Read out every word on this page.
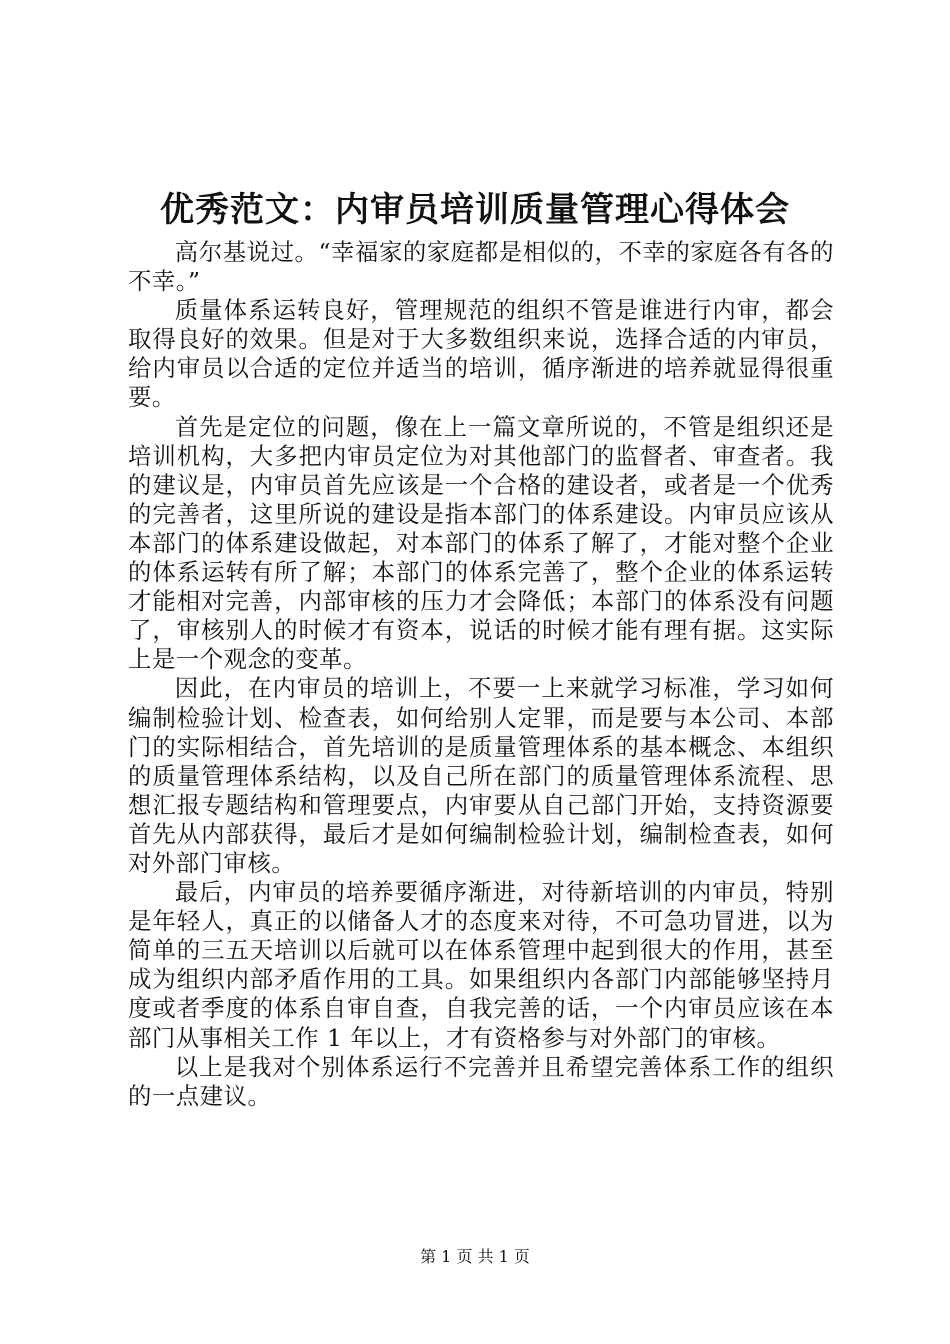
优秀范文：内审员培训质量管理心得体会

高尔基说过。“幸福家的家庭都是相似的，不幸的家庭各有各的不幸。”

质量体系运转良好，管理规范的组织不管是谁进行内审，都会取得良好的效果。但是对于大多数组织来说，选择合适的内审员，给内审员以合适的定位并适当的培训，循序渐进的培养就显得很重要。

首先是定位的问题，像在上一篇文章所说的，不管是组织还是培训机构，大多把内审员定位为对其他部门的监督者、审查者。我的建议是，内审员首先应该是一个合格的建设者，或者是一个优秀的完善者，这里所说的建设是指本部门的体系建设。内审员应该从本部门的体系建设做起，对本部门的体系了解了，才能对整个企业的体系运转有所了解；本部门的体系完善了，整个企业的体系运转才能相对完善，内部审核的压力才会降低；本部门的体系没有问题了，审核别人的时候才有资本，说话的时候才能有理有据。这实际上是一个观念的变革。

因此，在内审员的培训上，不要一上来就学习标准，学习如何编制检验计划、检查表，如何给别人定罪，而是要与本公司、本部门的实际相结合，首先培训的是质量管理体系的基本概念、本组织的质量管理体系结构，以及自己所在部门的质量管理体系流程、思想汇报专题结构和管理要点，内审要从自己部门开始，支持资源要首先从内部获得，最后才是如何编制检验计划，编制检查表，如何对外部门审核。

最后，内审员的培养要循序渐进，对待新培训的内审员，特别是年轻人，真正的以储备人才的态度来对待，不可急功冒进，以为简单的三五天培训以后就可以在体系管理中起到很大的作用，甚至成为组织内部矛盾作用的工具。如果组织内各部门内部能够坚持月度或者季度的体系自审自查，自我完善的话，一个内审员应该在本部门从事相关工作 1 年以上，才有资格参与对外部门的审核。

以上是我对个别体系运行不完善并且希望完善体系工作的组织的一点建议。

第 1 页 共 1 页
